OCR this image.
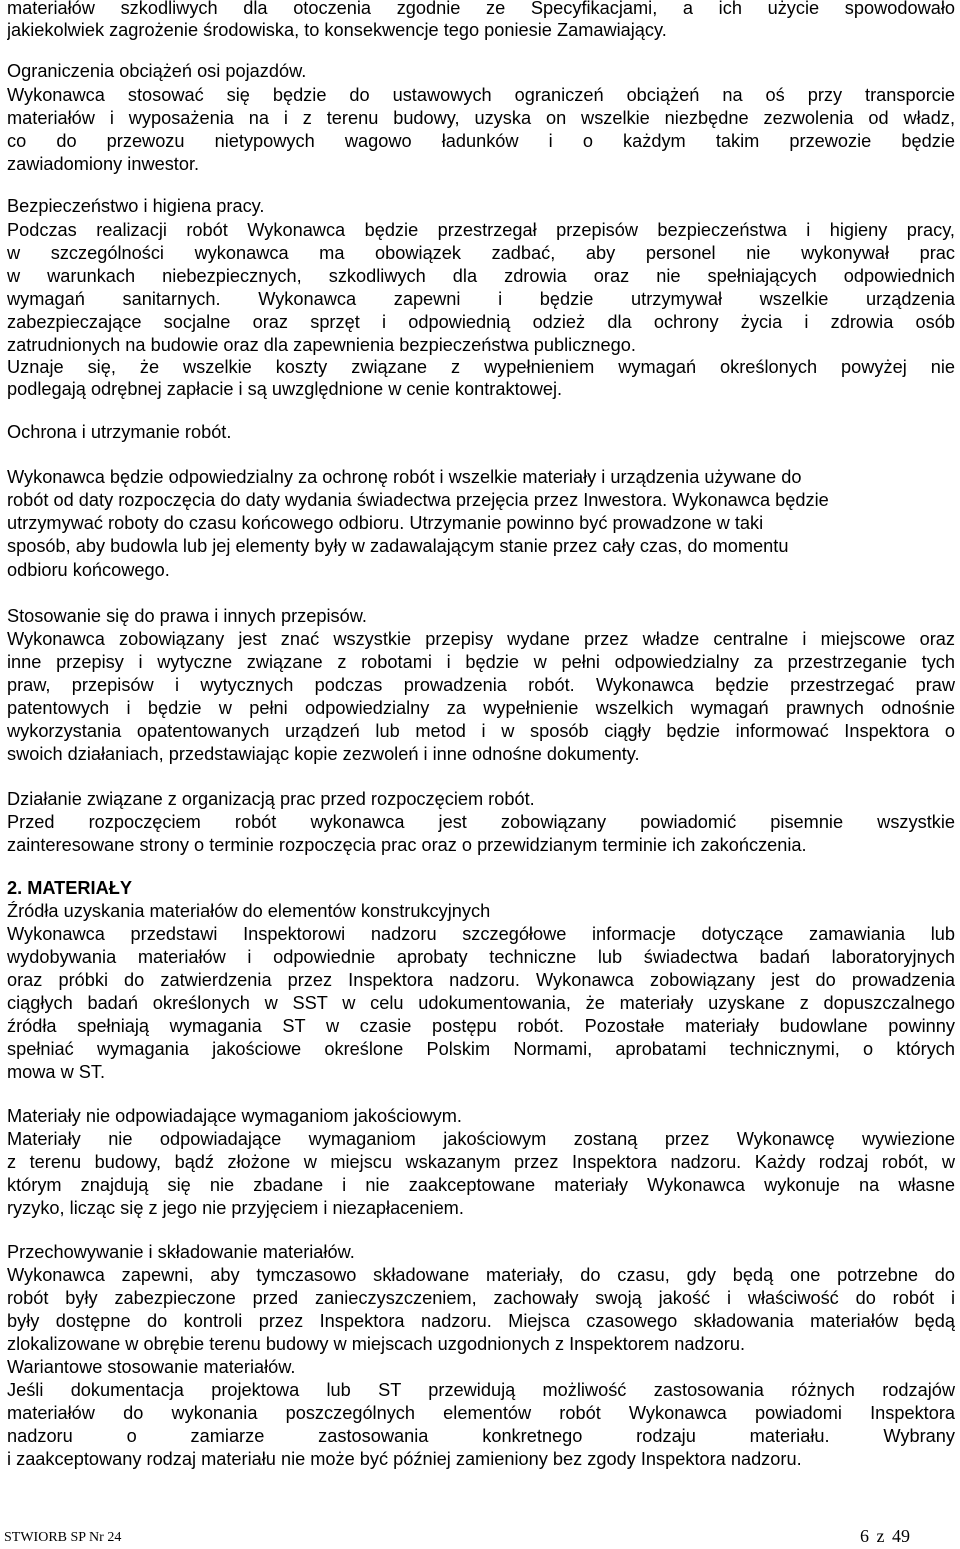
materiałów szkodliwych dla otoczenia zgodnie ze Specyfikacjami, a ich użycie spowodowało
jakiekolwiek zagrożenie środowiska, to konsekwencje tego poniesie Zamawiający.
Ograniczenia obciążeń osi pojazdów.
Wykonawca stosować się będzie do ustawowych ograniczeń obciążeń na oś przy transporcie
materiałów i wyposażenia na i z terenu budowy, uzyska on wszelkie niezbędne zezwolenia od władz,
co do przewozu nietypowych wagowo ładunków i o każdym takim przewozie będzie
zawiadomiony inwestor.
Bezpieczeństwo i higiena pracy.
Podczas realizacji robót Wykonawca będzie przestrzegał przepisów bezpieczeństwa i higieny pracy,
w szczególności wykonawca ma obowiązek zadbać, aby personel nie wykonywał prac
w warunkach niebezpiecznych, szkodliwych dla zdrowia oraz nie spełniających odpowiednich
wymagań sanitarnych. Wykonawca zapewni i będzie utrzymywał wszelkie urządzenia
zabezpieczające socjalne oraz sprzęt i odpowiednią odzież dla ochrony życia i zdrowia osób
zatrudnionych na budowie oraz dla zapewnienia bezpieczeństwa publicznego.
Uznaje się, że wszelkie koszty związane z wypełnieniem wymagań określonych powyżej nie
podlegają odrębnej zapłacie i są uwzględnione w cenie kontraktowej.
Ochrona i utrzymanie robót.
Wykonawca będzie odpowiedzialny za ochronę robót i wszelkie materiały i urządzenia używane do
robót od daty rozpoczęcia do daty wydania świadectwa przejęcia przez Inwestora. Wykonawca będzie
utrzymywać roboty do czasu końcowego odbioru. Utrzymanie powinno być prowadzone w taki
sposób, aby budowla lub jej elementy były w zadawalającym stanie przez cały czas, do momentu
odbioru końcowego.
Stosowanie się do prawa i innych przepisów.
Wykonawca zobowiązany jest znać wszystkie przepisy wydane przez władze centralne i miejscowe oraz
inne przepisy i wytyczne związane z robotami i będzie w pełni odpowiedzialny za przestrzeganie tych
praw, przepisów i wytycznych podczas prowadzenia robót. Wykonawca będzie przestrzegać praw
patentowych i będzie w pełni odpowiedzialny za wypełnienie wszelkich wymagań prawnych odnośnie
wykorzystania opatentowanych urządzeń lub metod i w sposób ciągły będzie informować Inspektora o
swoich działaniach, przedstawiając kopie zezwoleń i inne odnośne dokumenty.
Działanie związane z organizacją prac przed rozpoczęciem robót.
Przed rozpoczęciem robót wykonawca jest zobowiązany powiadomić pisemnie wszystkie
zainteresowane strony o terminie rozpoczęcia prac oraz o przewidzianym terminie ich zakończenia.
2. MATERIAŁY
Źródła uzyskania materiałów do elementów konstrukcyjnych
Wykonawca przedstawi Inspektorowi nadzoru szczegółowe informacje dotyczące zamawiania lub
wydobywania materiałów i odpowiednie aprobaty techniczne lub świadectwa badań laboratoryjnych
oraz próbki do zatwierdzenia przez Inspektora nadzoru. Wykonawca zobowiązany jest do prowadzenia
ciągłych badań określonych w SST w celu udokumentowania, że materiały uzyskane z dopuszczalnego
źródła spełniają wymagania ST w czasie postępu robót. Pozostałe materiały budowlane powinny
spełniać wymagania jakościowe określone Polskim Normami, aprobatami technicznymi, o których
mowa w ST.
Materiały nie odpowiadające wymaganiom jakościowym.
Materiały nie odpowiadające wymaganiom jakościowym zostaną przez Wykonawcę wywiezione
z terenu budowy, bądź złożone w miejscu wskazanym przez Inspektora nadzoru. Każdy rodzaj robót, w
którym znajdują się nie zbadane i nie zaakceptowane materiały Wykonawca wykonuje na własne
ryzyko, licząc się z jego nie przyjęciem i niezapłaceniem.
Przechowywanie i składowanie materiałów.
Wykonawca zapewni, aby tymczasowo składowane materiały, do czasu, gdy będą one potrzebne do
robót były zabezpieczone przed zanieczyszczeniem, zachowały swoją jakość i właściwość do robót i
były dostępne do kontroli przez Inspektora nadzoru. Miejsca czasowego składowania materiałów będą
zlokalizowane w obrębie terenu budowy w miejscach uzgodnionych z Inspektorem nadzoru.
Wariantowe stosowanie materiałów.
Jeśli dokumentacja projektowa lub ST przewidują możliwość zastosowania różnych rodzajów
materiałów do wykonania poszczególnych elementów robót Wykonawca powiadomi Inspektora
nadzoru o zamiarze zastosowania konkretnego rodzaju materiału. Wybrany
i zaakceptowany rodzaj materiału nie może być później zamieniony bez zgody Inspektora nadzoru.
STWIORB SP Nr 24	6 z 49
